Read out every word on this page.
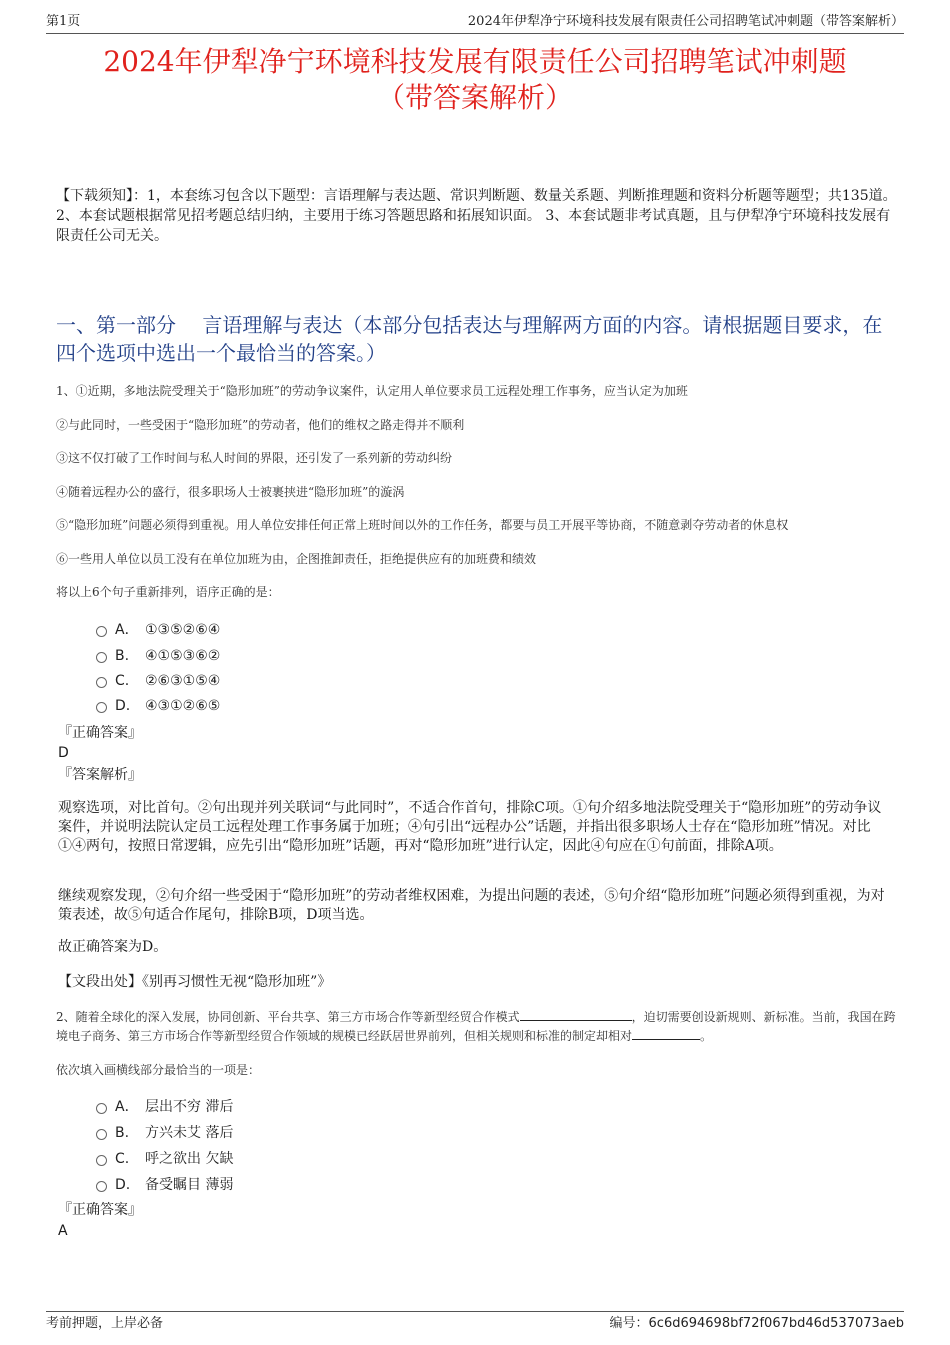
第1页	2024年伊犁净宁环境科技发展有限责任公司招聘笔试冲刺题（带答案解析）
2024年伊犁净宁环境科技发展有限责任公司招聘笔试冲刺题
（带答案解析）
【下载须知】：1，本套练习包含以下题型：言语理解与表达题、常识判断题、数量关系题、判断推理题和资料分析题等题型；共135道。 2、本套试题根据常见招考题总结归纳，主要用于练习答题思路和拓展知识面。 3、本套试题非考试真题，且与伊犁净宁环境科技发展有限责任公司无关。
一、第一部分　 言语理解与表达（本部分包括表达与理解两方面的内容。请根据题目要求，在四个选项中选出一个最恰当的答案。）
1、①近期，多地法院受理关于“隐形加班”的劳动争议案件，认定用人单位要求员工远程处理工作事务，应当认定为加班
②与此同时，一些受困于“隐形加班”的劳动者，他们的维权之路走得并不顺利
③这不仅打破了工作时间与私人时间的界限，还引发了一系列新的劳动纠纷
④随着远程办公的盛行，很多职场人士被裹挟进“隐形加班”的漩涡
⑤“隐形加班”问题必须得到重视。用人单位安排任何正常上班时间以外的工作任务，都要与员工开展平等协商，不随意剥夺劳动者的休息权
⑥一些用人单位以员工没有在单位加班为由，企图推卸责任，拒绝提供应有的加班费和绩效
将以上6个句子重新排列，语序正确的是：
A． ①③⑤②⑥④
B. ④①⑤③⑥②
C. ②⑥③①⑤④
D. ④③①②⑥⑤
『正确答案』
D
『答案解析』
观察选项，对比首句。②句出现并列关联词“与此同时”，不适合作首句，排除C项。①句介绍多地法院受理关于“隐形加班”的劳动争议案件，并说明法院认定员工远程处理工作事务属于加班；④句引出“远程办公”话题，并指出很多职场人士存在“隐形加班”情况。对比①④两句，按照日常逻辑，应先引出“隐形加班”话题，再对“隐形加班”进行认定，因此④句应在①句前面，排除A项。
继续观察发现，②句介绍一些受困于“隐形加班”的劳动者维权困难，为提出问题的表述，⑤句介绍“隐形加班”问题必须得到重视，为对策表述，故⑤句适合作尾句，排除B项，D项当选。
故正确答案为D。
【文段出处】《别再习惯性无视“隐形加班”》
2、随着全球化的深入发展，协同创新、平台共享、第三方市场合作等新型经贸合作模式	，迫切需要创设新规则、新标准。当前，我国在跨境电子商务、第三方市场合作等新型经贸合作领域的规模已经跃居世界前列，但相关规则和标准的制定却相对	。
依次填入画横线部分最恰当的一项是：
A． 层出不穷 滞后
B. 方兴未艾 落后
C. 呼之欲出 欠缺
D. 备受瞩目 薄弱
『正确答案』
A
考前押题，上岸必备	编号：6c6d694698bf72f067bd46d537073aeb
